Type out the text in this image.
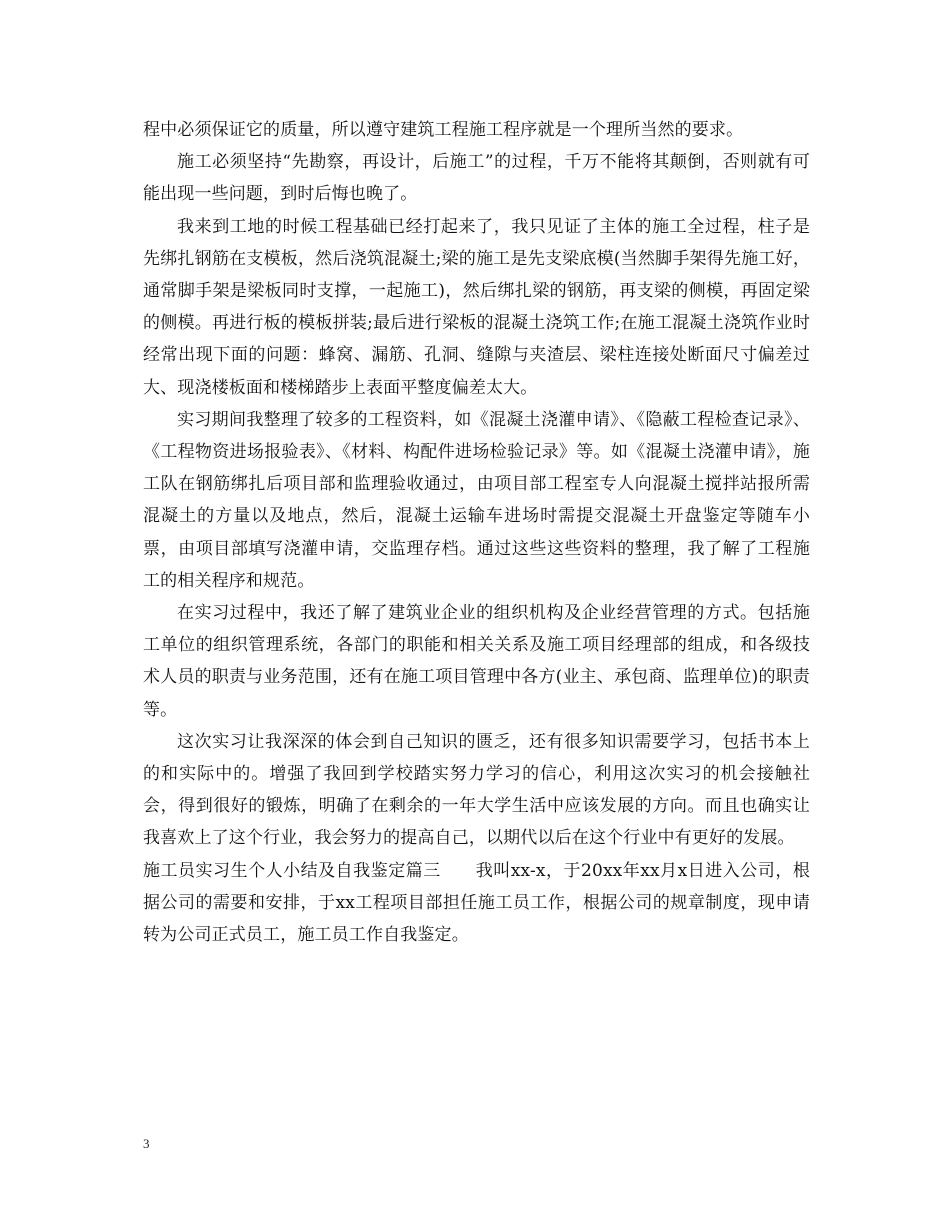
程中必须保证它的质量，所以遵守建筑工程施工程序就是一个理所当然的要求。

施工必须坚持“先勘察，再设计，后施工”的过程，千万不能将其颠倒，否则就有可能出现一些问题，到时后悔也晚了。

我来到工地的时候工程基础已经打起来了，我只见证了主体的施工全过程，柱子是先绑扎钢筋在支模板，然后浇筑混凝土;梁的施工是先支梁底模(当然脚手架得先施工好，通常脚手架是梁板同时支撑，一起施工)，然后绑扎梁的钢筋，再支梁的侧模，再固定梁的侧模。再进行板的模板拼装;最后进行梁板的混凝土浇筑工作;在施工混凝土浇筑作业时经常出现下面的问题：蜂窝、漏筋、孔洞、缝隙与夹渣层、梁柱连接处断面尺寸偏差过大、现浇楼板面和楼梯踏步上表面平整度偏差太大。

实习期间我整理了较多的工程资料，如《混凝土浇灌申请》、《隐蔽工程检查记录》、《工程物资进场报验表》、《材料、构配件进场检验记录》等。如《混凝土浇灌申请》，施工队在钢筋绑扎后项目部和监理验收通过，由项目部工程室专人向混凝土搅拌站报所需混凝土的方量以及地点，然后，混凝土运输车进场时需提交混凝土开盘鉴定等随车小票，由项目部填写浇灌申请，交监理存档。通过这些这些资料的整理，我了解了工程施工的相关程序和规范。

在实习过程中，我还了解了建筑业企业的组织机构及企业经营管理的方式。包括施工单位的组织管理系统，各部门的职能和相关关系及施工项目经理部的组成，和各级技术人员的职责与业务范围，还有在施工项目管理中各方(业主、承包商、监理单位)的职责等。

这次实习让我深深的体会到自己知识的匮乏，还有很多知识需要学习，包括书本上的和实际中的。增强了我回到学校踏实努力学习的信心，利用这次实习的机会接触社会，得到很好的锻炼，明确了在剩余的一年大学生活中应该发展的方向。而且也确实让我喜欢上了这个行业，我会努力的提高自己，以期代以后在这个行业中有更好的发展。

施工员实习生个人小结及自我鉴定篇三　　我叫xx-x，于20xx年xx月x日进入公司，根据公司的需要和安排，于xx工程项目部担任施工员工作，根据公司的规章制度，现申请转为公司正式员工，施工员工作自我鉴定。

3
